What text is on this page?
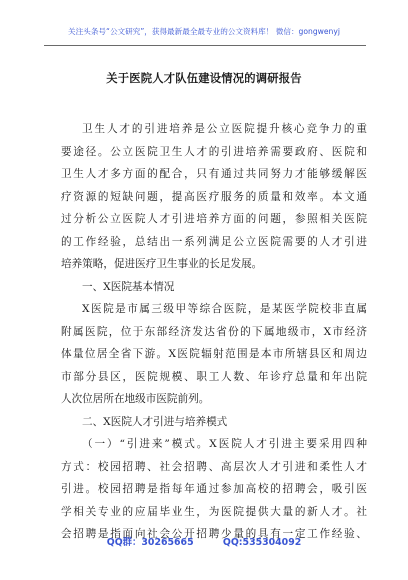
关注头条号“公文研究”，获得最新最全最专业的公文资料库！ 微信：gongwenyj
关于医院人才队伍建设情况的调研报告
卫生人才的引进培养是公立医院提升核心竞争力的重
要途径。公立医院卫生人才的引进培养需要政府、医院和
卫生人才多方面的配合，只有通过共同努力才能够缓解医
疗资源的短缺问题，提高医疗服务的质量和效率。本文通
过分析公立医院人才引进培养方面的问题，参照相关医院
的工作经验，总结出一系列满足公立医院需要的人才引进
培养策略，促进医疗卫生事业的长足发展。
一、X医院基本情况
X医院是市属三级甲等综合医院，是某医学院校非直属
附属医院，位于东部经济发达省份的下属地级市，X市经济
体量位居全省下游。X医院辐射范围是本市所辖县区和周边
市部分县区，医院规模、职工人数、年诊疗总量和年出院
人次位居所在地级市医院前列。
二、X医院人才引进与培养模式
（一）“引进来”模式。X医院人才引进主要采用四种
方式：校园招聘、社会招聘、高层次人才引进和柔性人才
引进。校园招聘是指每年通过参加高校的招聘会，吸引医
学相关专业的应届毕业生，为医院提供大量的新人才。社
会招聘是指面向社会公开招聘少量的具有一定工作经验、
QQ群：30265665	QQ:535304092
